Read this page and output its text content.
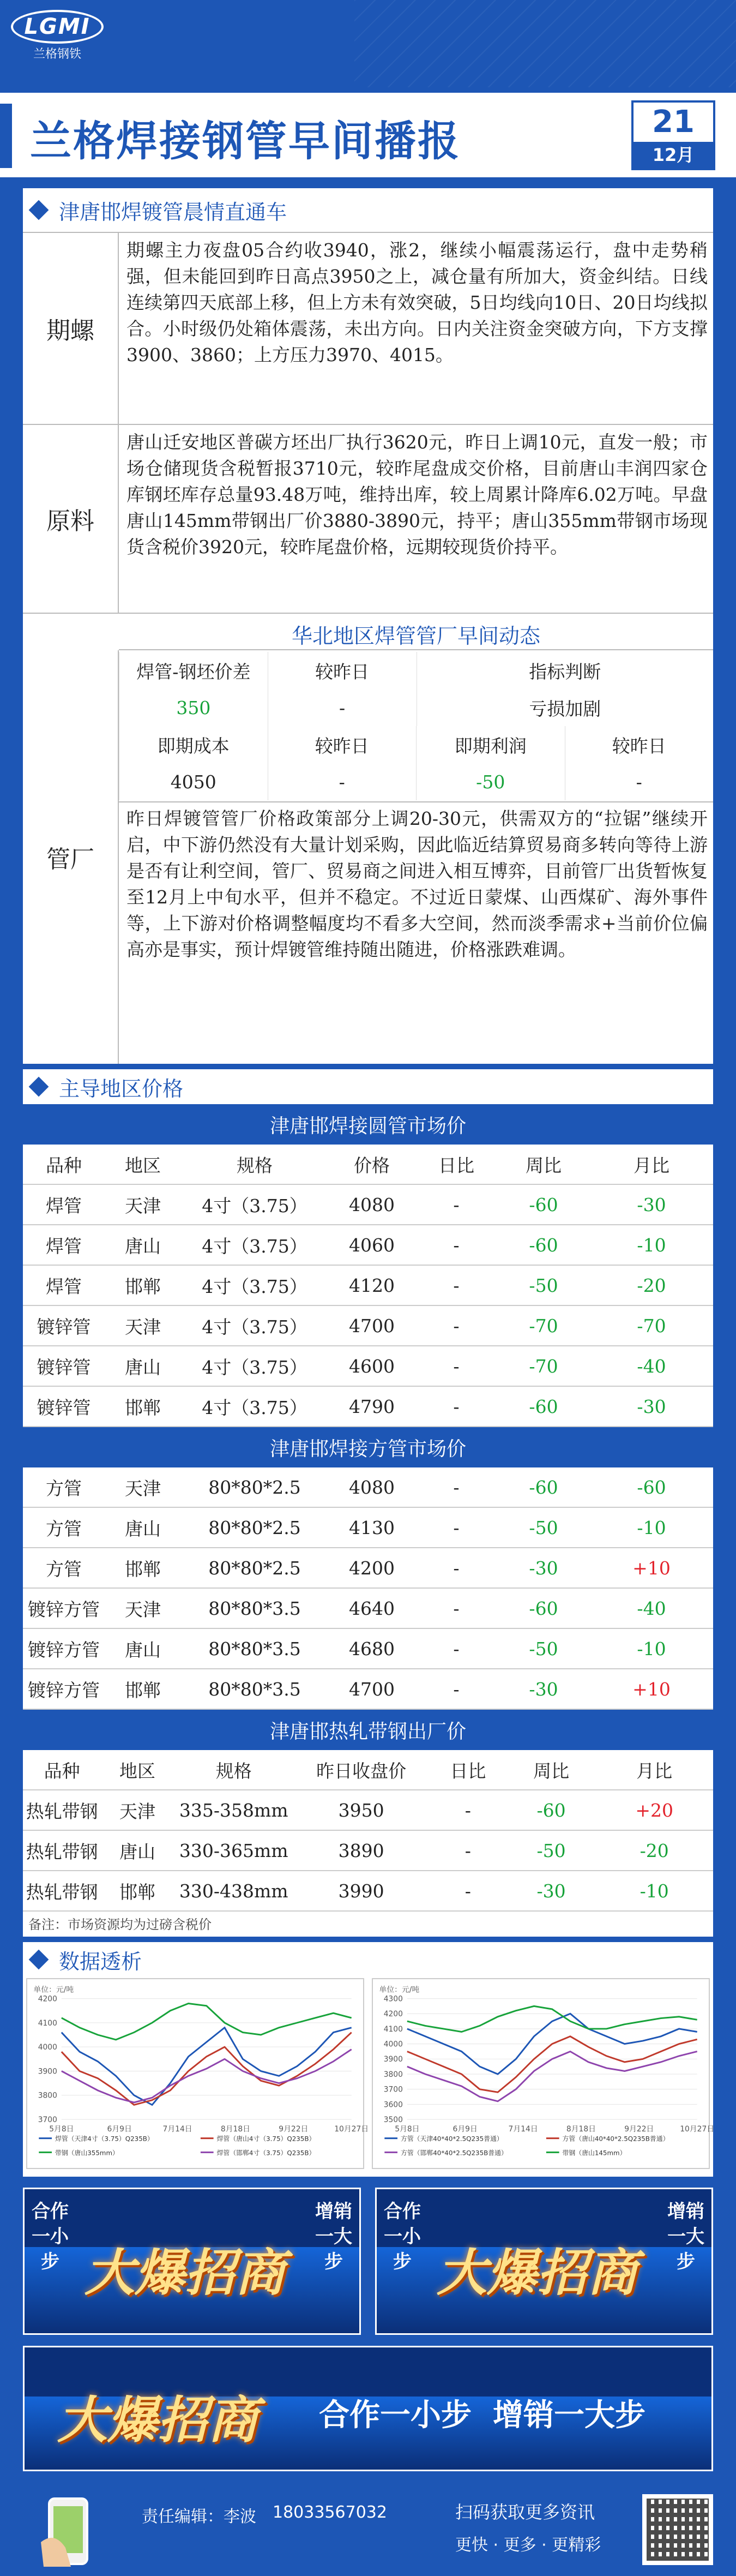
LGMI
兰格钢铁
兰格焊接钢管早间播报	21
12月
津唐邯焊镀管晨情直通车
期螺
期螺主力夜盘05合约收3940，涨2，继续小幅震荡运行，盘中走势稍强，但未能回到昨日高点3950之上，减仓量有所加大，资金纠结。日线连续第四天底部上移，但上方未有效突破，5日均线向10日、20日均线拟合。小时级仍处箱体震荡，未出方向。日内关注资金突破方向，下方支撑3900、3860；上方压力3970、4015。
原料
唐山迁安地区普碳方坯出厂执行3620元，昨日上调10元，直发一般；市场仓储现货含税暂报3710元，较昨尾盘成交价格，目前唐山丰润四家仓库钢坯库存总量93.48万吨，维持出库，较上周累计降库6.02万吨。早盘唐山145mm带钢出厂价3880-3890元，持平；唐山355mm带钢市场现货含税价3920元，较昨尾盘价格，远期较现货价持平。
华北地区焊管管厂早间动态
管厂
焊管-钢坯价差	较昨日	指标判断
350	-	亏损加剧
即期成本	较昨日	即期利润	较昨日
4050	-	-50	-
昨日焊镀管管厂价格政策部分上调20-30元，供需双方的“拉锯”继续开启，中下游仍然没有大量计划采购，因此临近结算贸易商多转向等待上游是否有让利空间，管厂、贸易商之间进入相互博弈，目前管厂出货暂恢复至12月上中旬水平，但并不稳定。不过近日蒙煤、山西煤矿、海外事件等，上下游对价格调整幅度均不看多大空间，然而淡季需求+当前价位偏高亦是事实，预计焊镀管维持随出随进，价格涨跌难调。
主导地区价格
津唐邯焊接圆管市场价
品种	地区	规格	价格	日比	周比	月比
焊管	天津	4寸（3.75）	4080	-	-60	-30
焊管	唐山	4寸（3.75）	4060	-	-60	-10
焊管	邯郸	4寸（3.75）	4120	-	-50	-20
镀锌管	天津	4寸（3.75）	4700	-	-70	-70
镀锌管	唐山	4寸（3.75）	4600	-	-70	-40
镀锌管	邯郸	4寸（3.75）	4790	-	-60	-30
津唐邯焊接方管市场价
方管	天津	80*80*2.5	4080	-	-60	-60
方管	唐山	80*80*2.5	4130	-	-50	-10
方管	邯郸	80*80*2.5	4200	-	-30	+10
镀锌方管	天津	80*80*3.5	4640	-	-60	-40
镀锌方管	唐山	80*80*3.5	4680	-	-50	-10
镀锌方管	邯郸	80*80*3.5	4700	-	-30	+10
津唐邯热轧带钢出厂价
品种	地区	规格	昨日收盘价	日比	周比	月比
热轧带钢	天津	335-358mm	3950	-	-60	+20
热轧带钢	唐山	330-365mm	3890	-	-50	-20
热轧带钢	邯郸	330-438mm	3990	-	-30	-10
备注：市场资源均为过磅含税价
数据透析
单位：元/吨
4200
4100
4000
3900
3800
3700
5月8日	6月9日	7月14日	8月18日	9月22日	10月27日
焊管（天津4寸（3.75）Q235B）	焊管（唐山4寸（3.75）Q235B）
带钢（唐山355mm）	焊管（邯郸4寸（3.75）Q235B）
单位：元/吨
4300
4200
4100
4000
3900
3800
3700
3600
3500
5月8日	6月9日	7月14日	8月18日	9月22日	10月27日
方管（天津40*40*2.5Q235普通）	方管（唐山40*40*2.5Q235B普通）
方管（邯郸40*40*2.5Q235B普通）	带钢（唐山145mm）
合作一小步
增销一大步
大爆招商
合作一小步
增销一大步
大爆招商
大爆招商 合作一小步  增销一大步
责任编辑：李波 18033567032	扫码获取更多资讯
更快 · 更多 · 更精彩
